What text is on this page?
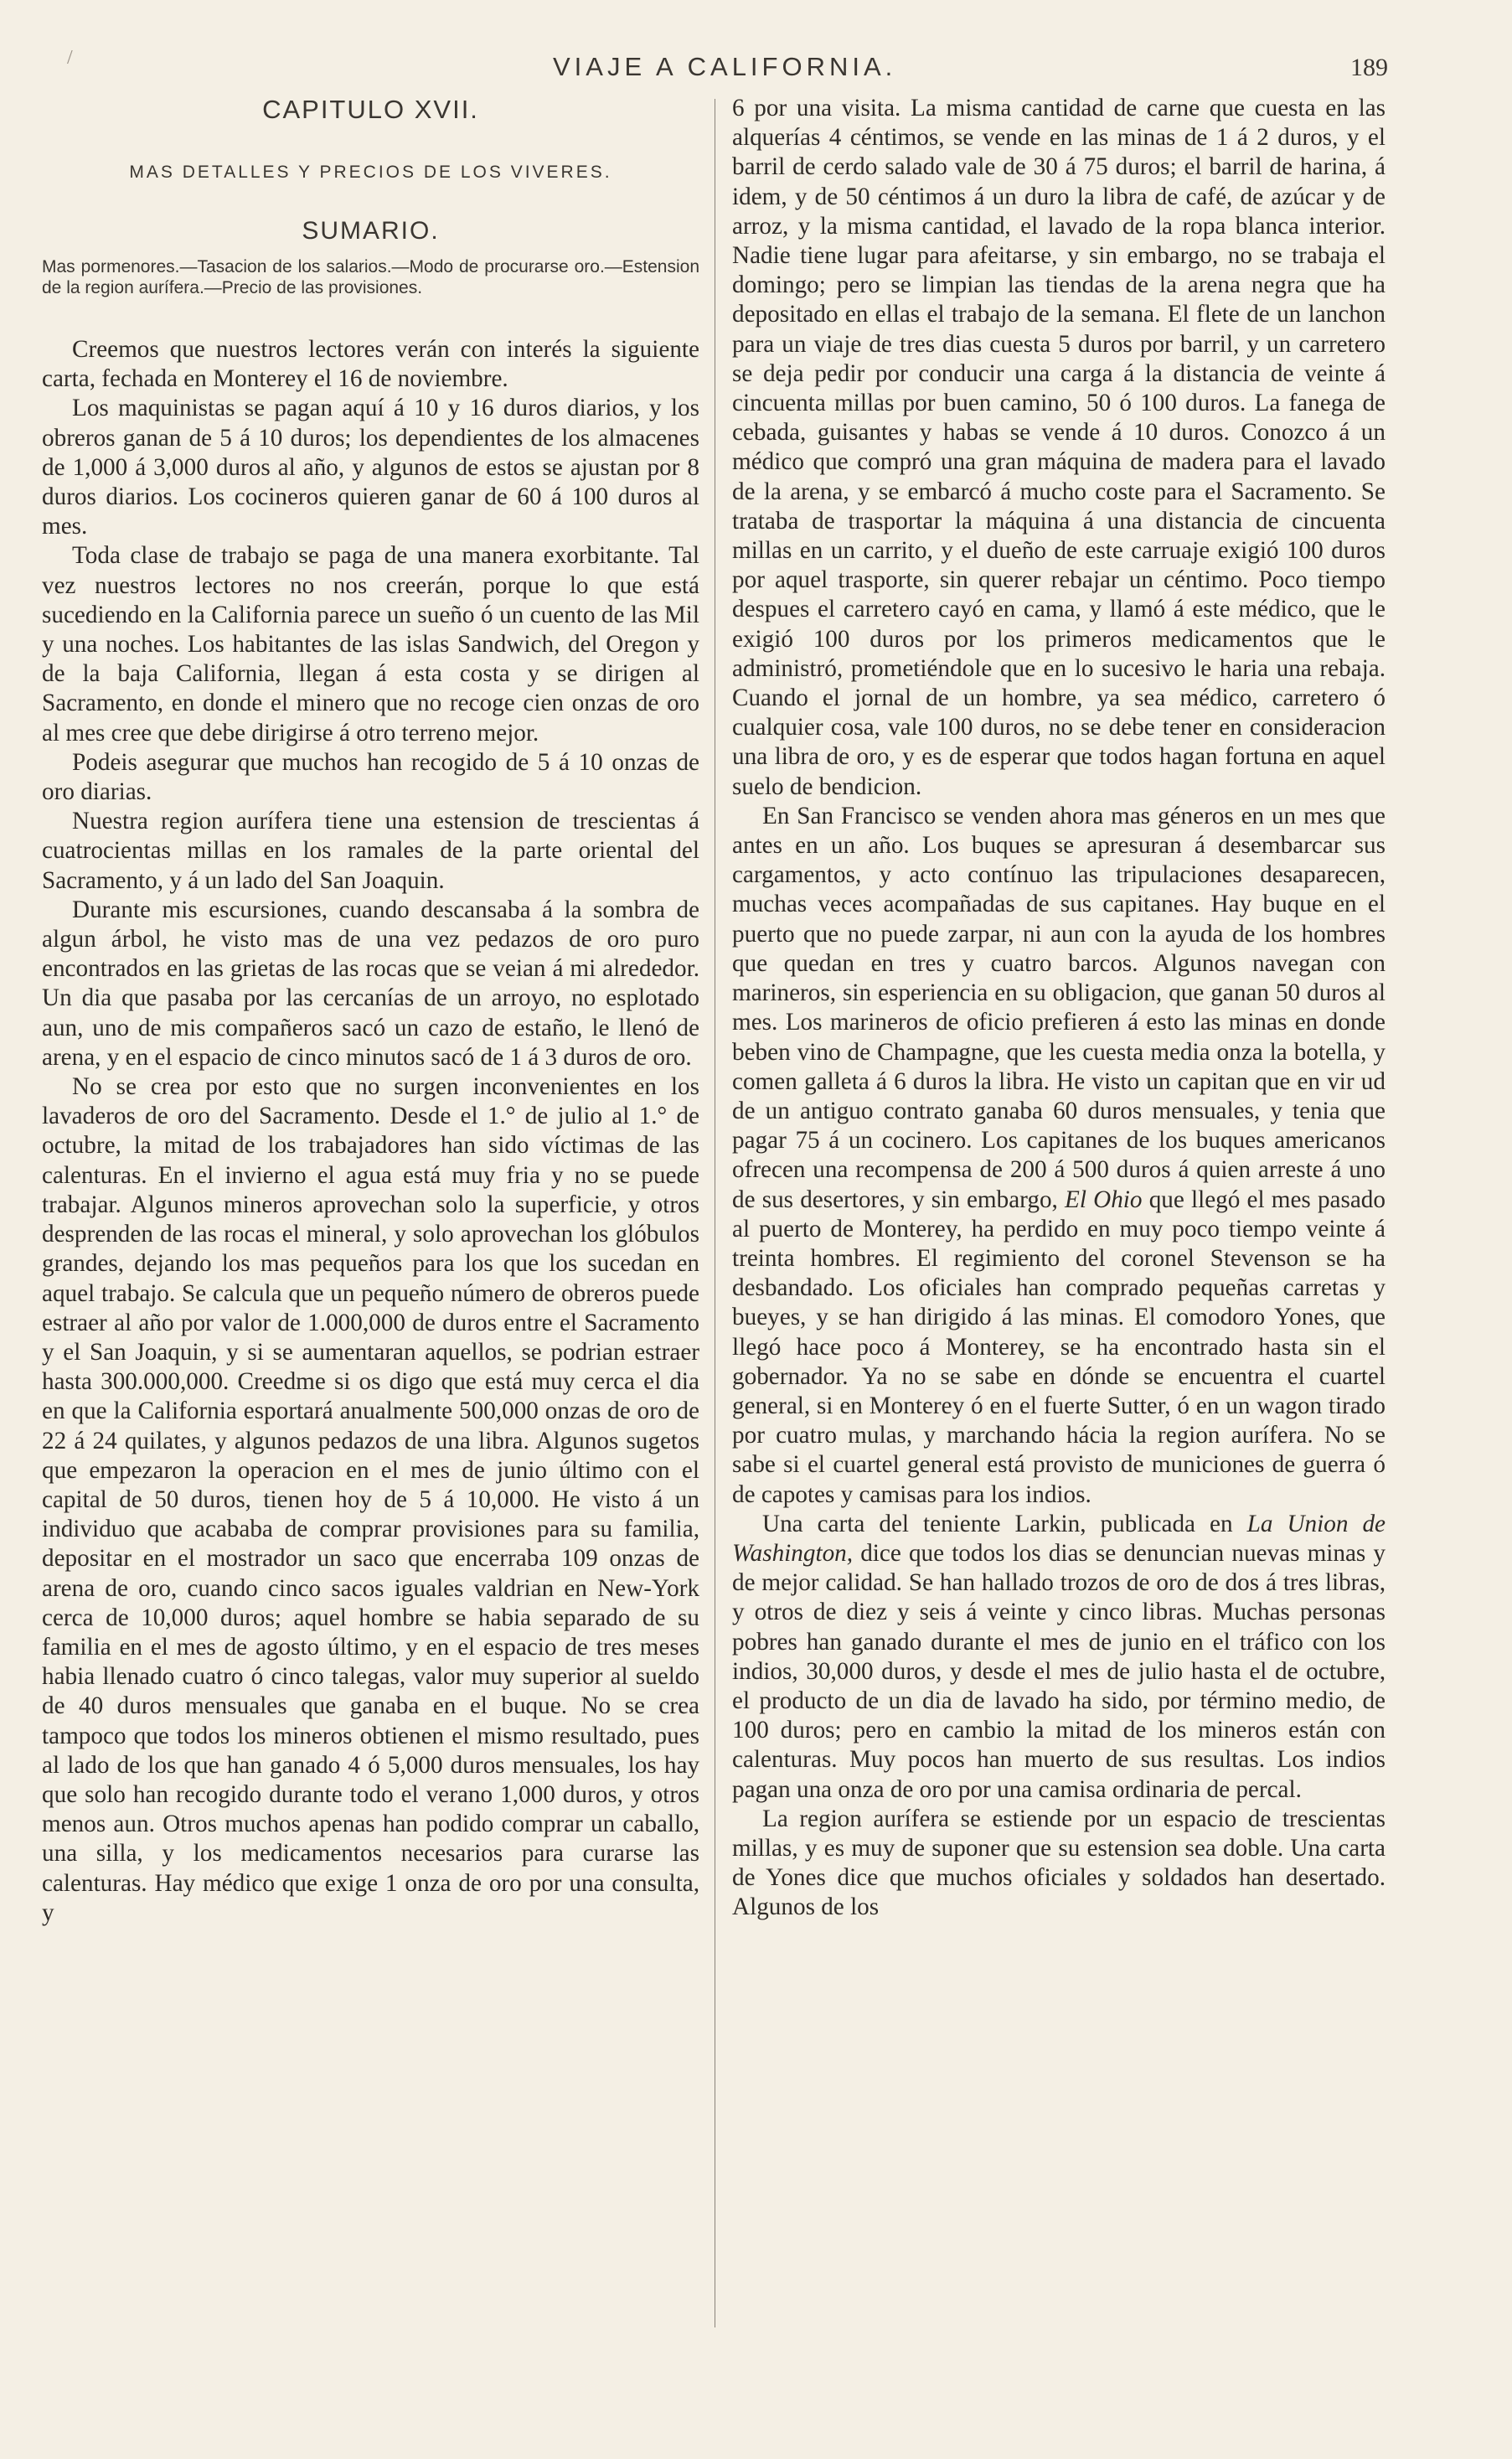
/	VIAJE A CALIFORNIA.	189
CAPITULO XVII.
MAS DETALLES Y PRECIOS DE LOS VIVERES.
SUMARIO.
Mas pormenores.—Tasacion de los salarios.—Modo de procurarse oro.—Estension de la region aurífera.—Precio de las provisiones.

Creemos que nuestros lectores verán con interés la siguiente carta, fechada en Monterey el 16 de noviembre.

Los maquinistas se pagan aquí á 10 y 16 duros diarios, y los obreros ganan de 5 á 10 duros; los dependientes de los almacenes de 1,000 á 3,000 duros al año, y algunos de estos se ajustan por 8 duros diarios. Los cocineros quieren ganar de 60 á 100 duros al mes.

Toda clase de trabajo se paga de una manera exorbitante. Tal vez nuestros lectores no nos creerán, porque lo que está sucediendo en la California parece un sueño ó un cuento de las Mil y una noches. Los habitantes de las islas Sandwich, del Oregon y de la baja California, llegan á esta costa y se dirigen al Sacramento, en donde el minero que no recoge cien onzas de oro al mes cree que debe dirigirse á otro terreno mejor.

Podeis asegurar que muchos han recogido de 5 á 10 onzas de oro diarias.

Nuestra region aurífera tiene una estension de trescientas á cuatrocientas millas en los ramales de la parte oriental del Sacramento, y á un lado del San Joaquin.

Durante mis escursiones, cuando descansaba á la sombra de algun árbol, he visto mas de una vez pedazos de oro puro encontrados en las grietas de las rocas que se veian á mi alrededor. Un dia que pasaba por las cercanías de un arroyo, no esplotado aun, uno de mis compañeros sacó un cazo de estaño, le llenó de arena, y en el espacio de cinco minutos sacó de 1 á 3 duros de oro.

No se crea por esto que no surgen inconvenientes en los lavaderos de oro del Sacramento. Desde el 1.° de julio al 1.° de octubre, la mitad de los trabajadores han sido víctimas de las calenturas. En el invierno el agua está muy fria y no se puede trabajar. Algunos mineros aprovechan solo la superficie, y otros desprenden de las rocas el mineral, y solo aprovechan los glóbulos grandes, dejando los mas pequeños para los que los sucedan en aquel trabajo. Se calcula que un pequeño número de obreros puede estraer al año por valor de 1.000,000 de duros entre el Sacramento y el San Joaquin, y si se aumentaran aquellos, se podrian estraer hasta 300.000,000. Creedme si os digo que está muy cerca el dia en que la California esportará anualmente 500,000 onzas de oro de 22 á 24 quilates, y algunos pedazos de una libra. Algunos sugetos que empezaron la operacion en el mes de junio último con el capital de 50 duros, tienen hoy de 5 á 10,000. He visto á un individuo que acababa de comprar provisiones para su familia, depositar en el mostrador un saco que encerraba 109 onzas de arena de oro, cuando cinco sacos iguales valdrian en New-York cerca de 10,000 duros; aquel hombre se habia separado de su familia en el mes de agosto último, y en el espacio de tres meses habia llenado cuatro ó cinco talegas, valor muy superior al sueldo de 40 duros mensuales que ganaba en el buque. No se crea tampoco que todos los mineros obtienen el mismo resultado, pues al lado de los que han ganado 4 ó 5,000 duros mensuales, los hay que solo han recogido durante todo el verano 1,000 duros, y otros menos aun. Otros muchos apenas han podido comprar un caballo, una silla, y los medicamentos necesarios para curarse las calenturas. Hay médico que exige 1 onza de oro por una consulta, y

6 por una visita. La misma cantidad de carne que cuesta en las alquerías 4 céntimos, se vende en las minas de 1 á 2 duros, y el barril de cerdo salado vale de 30 á 75 duros; el barril de harina, á idem, y de 50 céntimos á un duro la libra de café, de azúcar y de arroz, y la misma cantidad, el lavado de la ropa blanca interior. Nadie tiene lugar para afeitarse, y sin embargo, no se trabaja el domingo; pero se limpian las tiendas de la arena negra que ha depositado en ellas el trabajo de la semana. El flete de un lanchon para un viaje de tres dias cuesta 5 duros por barril, y un carretero se deja pedir por conducir una carga á la distancia de veinte á cincuenta millas por buen camino, 50 ó 100 duros. La fanega de cebada, guisantes y habas se vende á 10 duros. Conozco á un médico que compró una gran máquina de madera para el lavado de la arena, y se embarcó á mucho coste para el Sacramento. Se trataba de trasportar la máquina á una distancia de cincuenta millas en un carrito, y el dueño de este carruaje exigió 100 duros por aquel trasporte, sin querer rebajar un céntimo. Poco tiempo despues el carretero cayó en cama, y llamó á este médico, que le exigió 100 duros por los primeros medicamentos que le administró, prometiéndole que en lo sucesivo le haria una rebaja. Cuando el jornal de un hombre, ya sea médico, carretero ó cualquier cosa, vale 100 duros, no se debe tener en consideracion una libra de oro, y es de esperar que todos hagan fortuna en aquel suelo de bendicion.

En San Francisco se venden ahora mas géneros en un mes que antes en un año. Los buques se apresuran á desembarcar sus cargamentos, y acto contínuo las tripulaciones desaparecen, muchas veces acompañadas de sus capitanes. Hay buque en el puerto que no puede zarpar, ni aun con la ayuda de los hombres que quedan en tres y cuatro barcos. Algunos navegan con marineros, sin esperiencia en su obligacion, que ganan 50 duros al mes. Los marineros de oficio prefieren á esto las minas en donde beben vino de Champagne, que les cuesta media onza la botella, y comen galleta á 6 duros la libra. He visto un capitan que en vir ud de un antiguo contrato ganaba 60 duros mensuales, y tenia que pagar 75 á un cocinero. Los capitanes de los buques americanos ofrecen una recompensa de 200 á 500 duros á quien arreste á uno de sus desertores, y sin embargo, El Ohio que llegó el mes pasado al puerto de Monterey, ha perdido en muy poco tiempo veinte á treinta hombres. El regimiento del coronel Stevenson se ha desbandado. Los oficiales han comprado pequeñas carretas y bueyes, y se han dirigido á las minas. El comodoro Yones, que llegó hace poco á Monterey, se ha encontrado hasta sin el gobernador. Ya no se sabe en dónde se encuentra el cuartel general, si en Monterey ó en el fuerte Sutter, ó en un wagon tirado por cuatro mulas, y marchando hácia la region aurífera. No se sabe si el cuartel general está provisto de municiones de guerra ó de capotes y camisas para los indios.

Una carta del teniente Larkin, publicada en La Union de Washington, dice que todos los dias se denuncian nuevas minas y de mejor calidad. Se han hallado trozos de oro de dos á tres libras, y otros de diez y seis á veinte y cinco libras. Muchas personas pobres han ganado durante el mes de junio en el tráfico con los indios, 30,000 duros, y desde el mes de julio hasta el de octubre, el producto de un dia de lavado ha sido, por término medio, de 100 duros; pero en cambio la mitad de los mineros están con calenturas. Muy pocos han muerto de sus resultas. Los indios pagan una onza de oro por una camisa ordinaria de percal.

La region aurífera se estiende por un espacio de trescientas millas, y es muy de suponer que su estension sea doble. Una carta de Yones dice que muchos oficiales y soldados han desertado. Algunos de los
